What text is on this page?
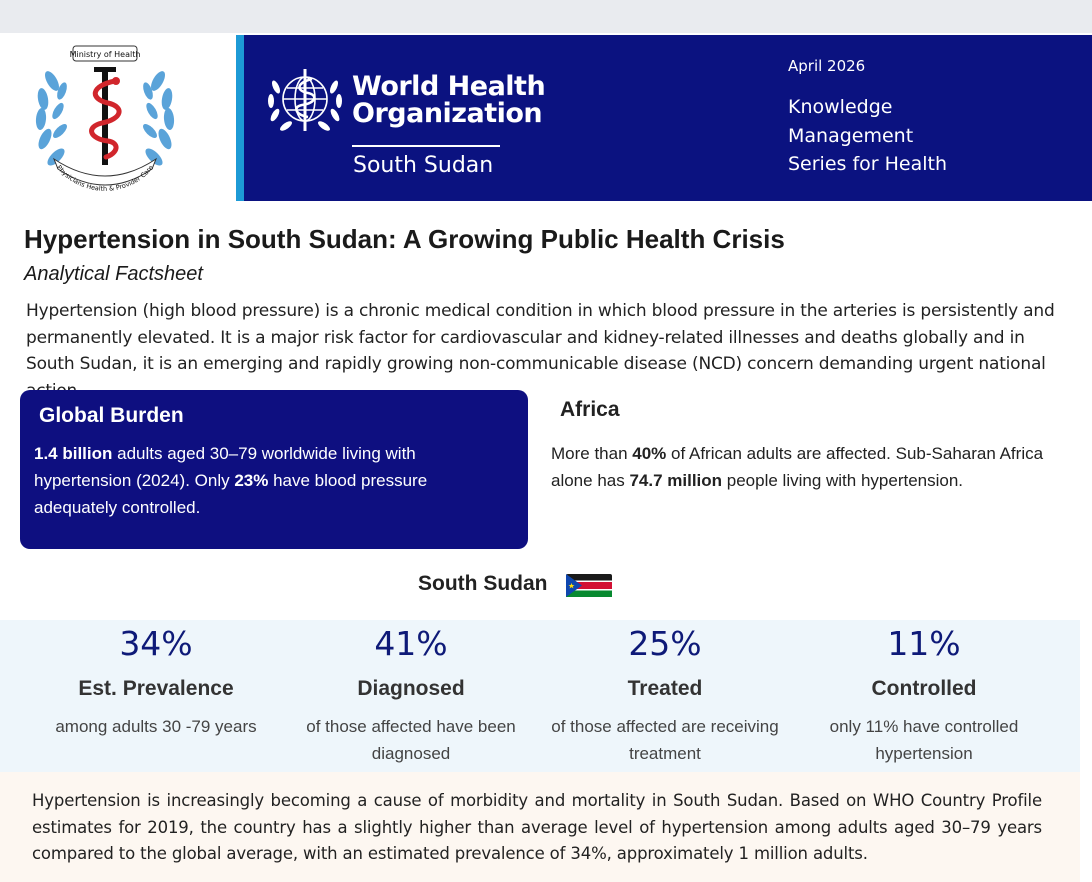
Ministry of Health
Physicians Health & Provider Care
World Health
Organization
South Sudan
April 2026
Knowledge
Management
Series for Health
Hypertension in South Sudan: A Growing Public Health Crisis
Analytical Factsheet

Hypertension (high blood pressure) is a chronic medical condition in which blood pressure in the arteries is persistently and permanently elevated. It is a major risk factor for cardiovascular and kidney-related illnesses and deaths globally and in South Sudan, it is an emerging and rapidly growing non-communicable disease (NCD) concern demanding urgent national

Global Burden

1.4 billion adults aged 30–79 worldwide living with hypertension (2024). Only 23% have blood pressure adequately controlled.

Africa

More than 40% of African adults are affected. Sub-Saharan Africa alone has 74.7 million people living with hypertension.

South Sudan
34%
Est. Prevalence
among adults 30 -79 years
41%
Diagnosed
of those affected have been diagnosed
25%
Treated
of those affected are receiving treatment
11%
Controlled
only 11% have controlled hypertension

Hypertension is increasingly becoming a cause of morbidity and mortality in South Sudan. Based on WHO Country Profile estimates for 2019, the country has a slightly higher than average level of hypertension among adults aged 30–79 years compared to the global average, with an estimated prevalence of 34%, approximately 1 million adults.
